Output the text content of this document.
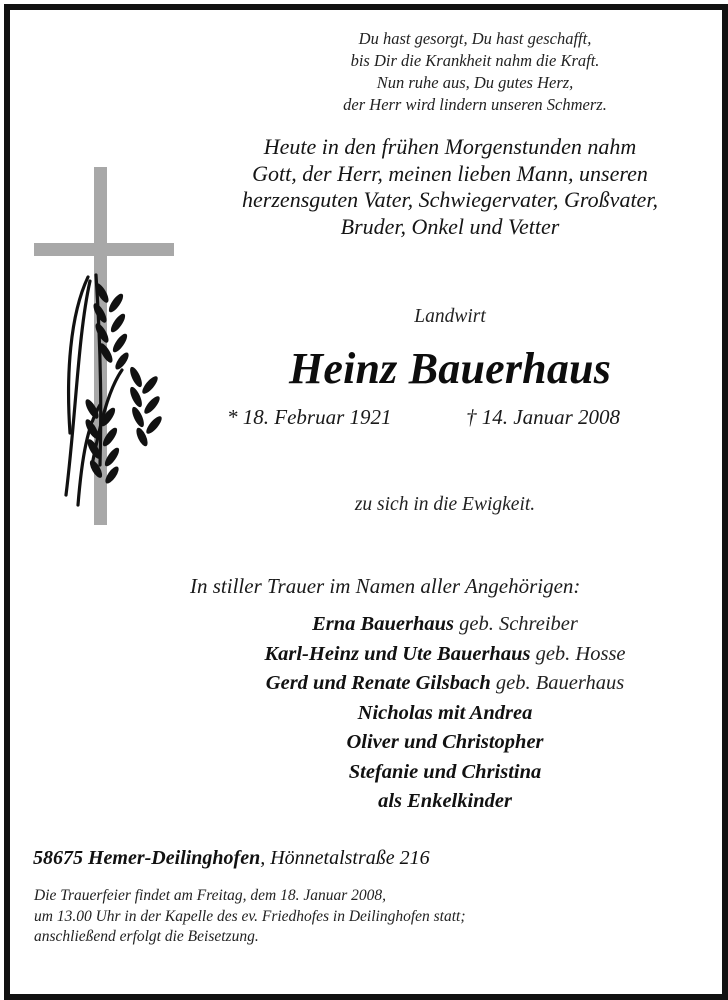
Du hast gesorgt, Du hast geschafft,
bis Dir die Krankheit nahm die Kraft.
Nun ruhe aus, Du gutes Herz,
der Herr wird lindern unseren Schmerz.
Heute in den frühen Morgenstunden nahm
Gott, der Herr, meinen lieben Mann, unseren
herzensguten Vater, Schwiegervater, Großvater,
Bruder, Onkel und Vetter
Landwirt
Heinz Bauerhaus
* 18. Februar 1921	† 14. Januar 2008
zu sich in die Ewigkeit.
In stiller Trauer im Namen aller Angehörigen:
Erna Bauerhaus geb. Schreiber
Karl-Heinz und Ute Bauerhaus geb. Hosse
Gerd und Renate Gilsbach geb. Bauerhaus
Nicholas mit Andrea
Oliver und Christopher
Stefanie und Christina
als Enkelkinder
58675 Hemer-Deilinghofen, Hönnetalstraße 216
Die Trauerfeier findet am Freitag, dem 18. Januar 2008,
um 13.00 Uhr in der Kapelle des ev. Friedhofes in Deilinghofen statt;
anschließend erfolgt die Beisetzung.
